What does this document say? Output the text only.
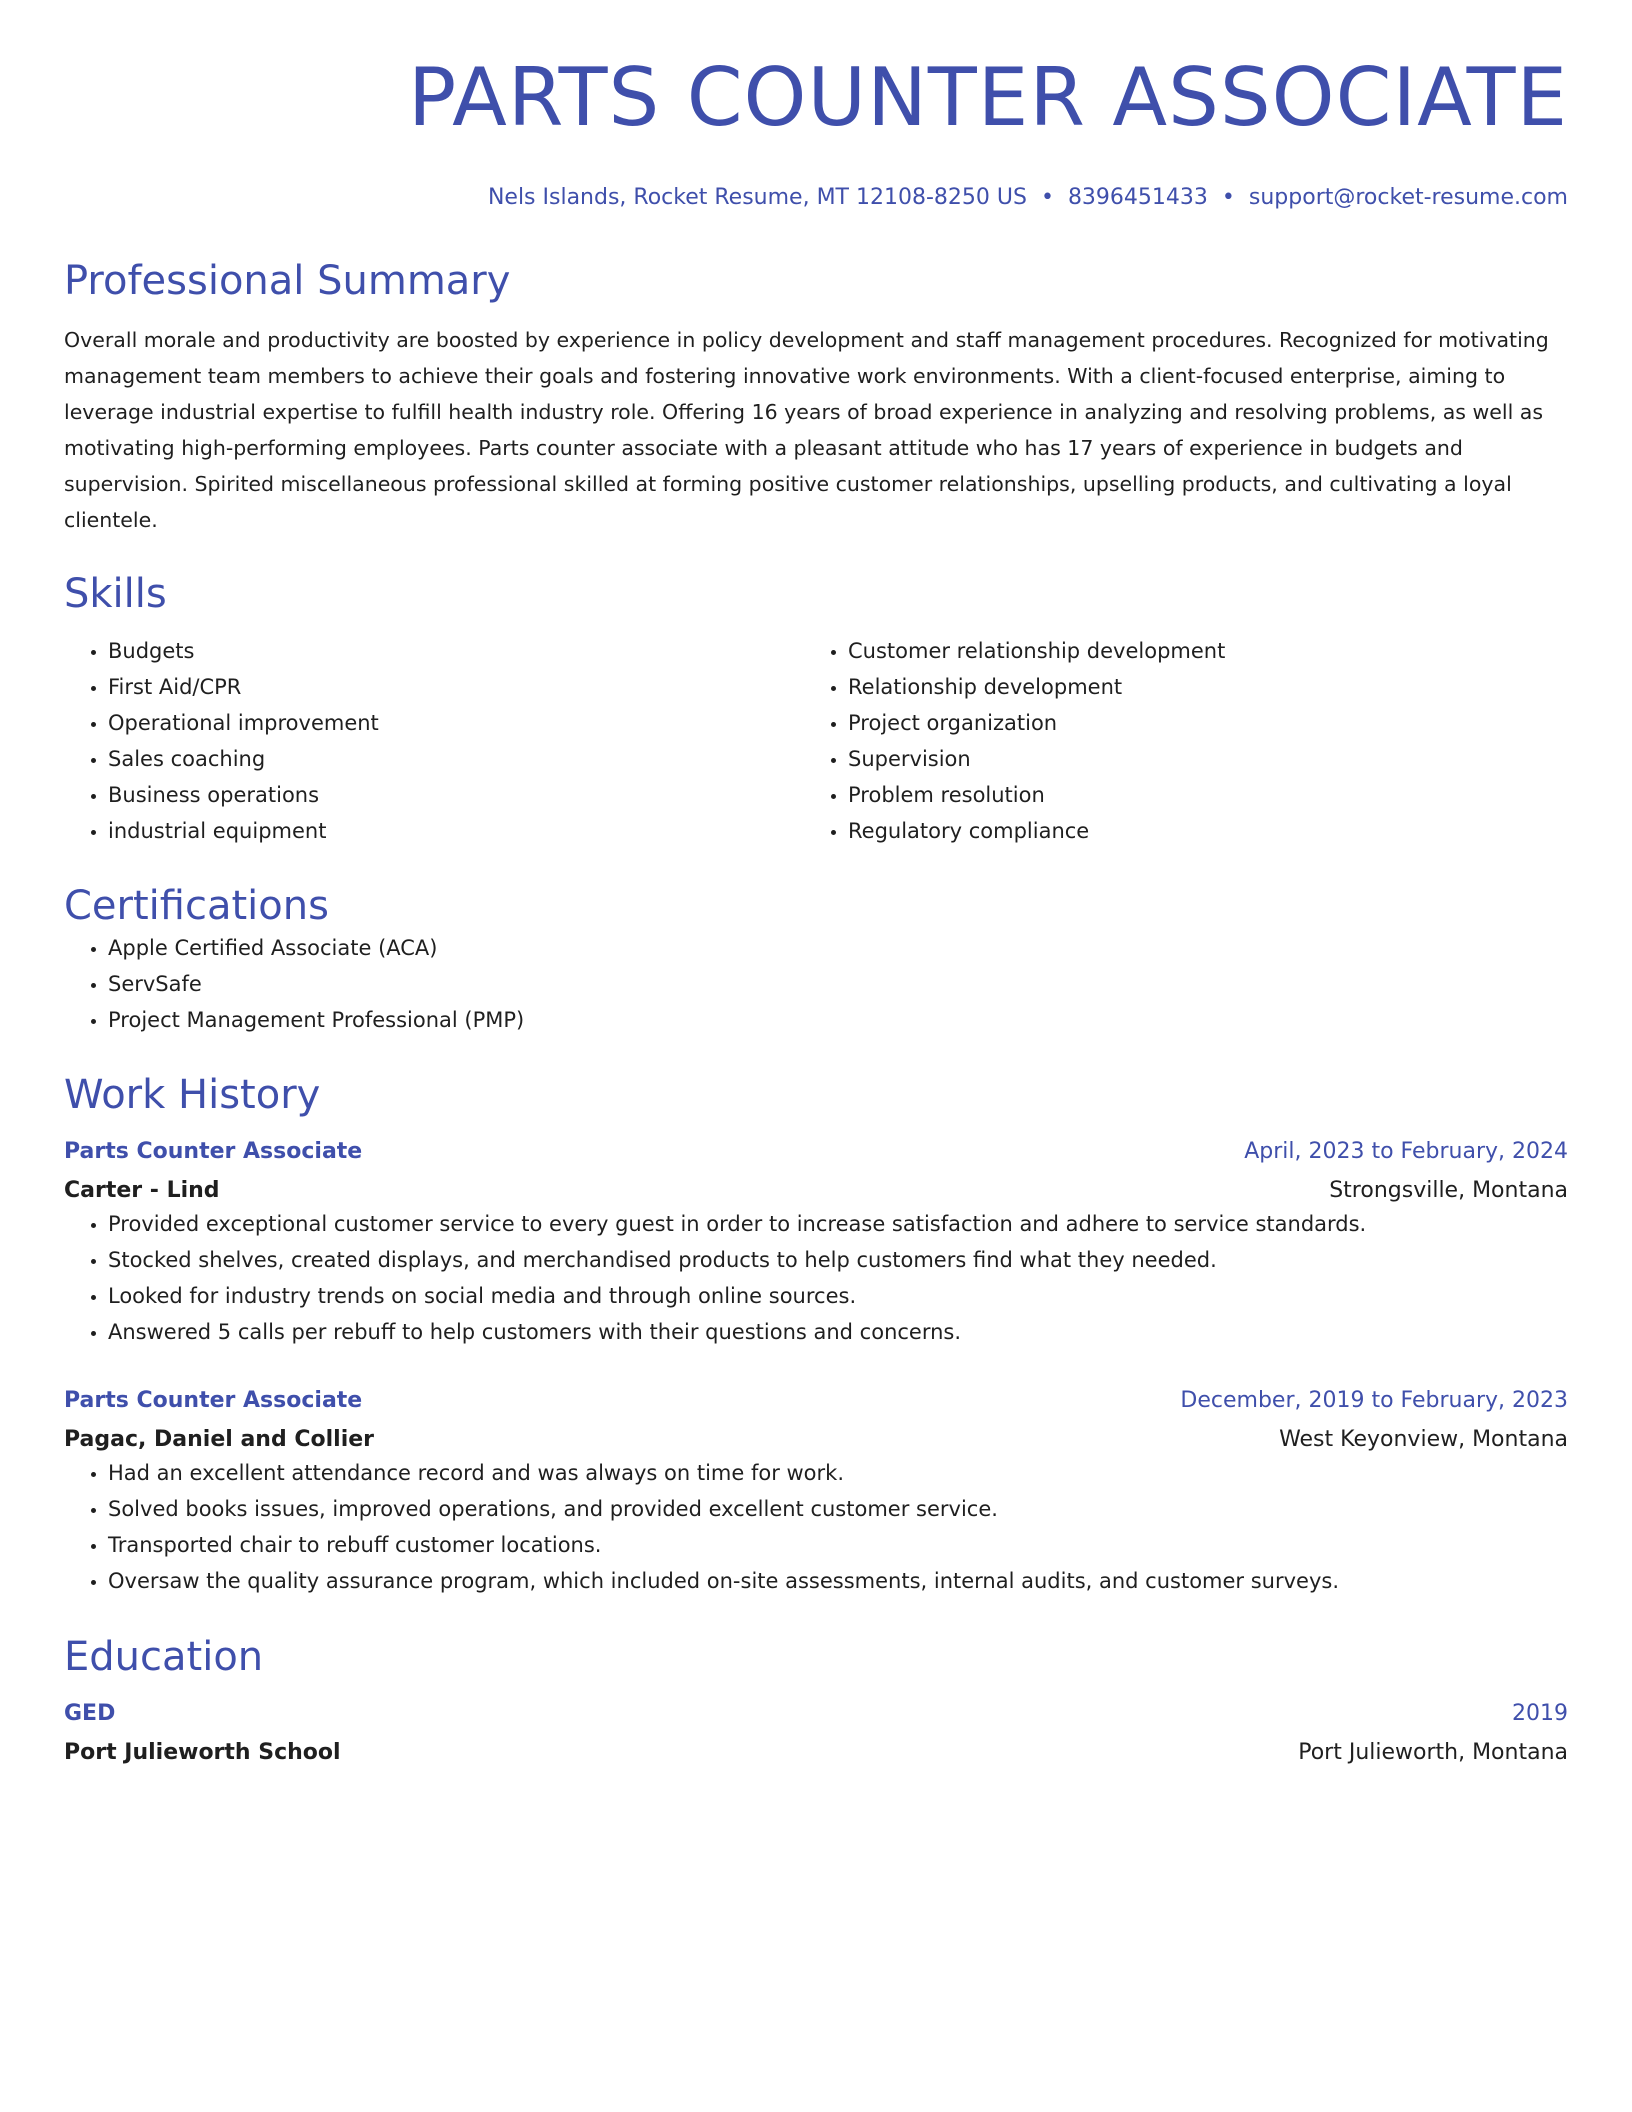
PARTS COUNTER ASSOCIATE
Nels Islands, Rocket Resume, MT 12108-8250 US • 8396451433 • support@rocket-resume.com
Professional Summary

Overall morale and productivity are boosted by experience in policy development and staff management procedures. Recognized for motivating management team members to achieve their goals and fostering innovative work environments. With a client-focused enterprise, aiming to leverage industrial expertise to fulfill health industry role. Offering 16 years of broad experience in analyzing and resolving problems, as well as motivating high-performing employees. Parts counter associate with a pleasant attitude who has 17 years of experience in budgets and supervision. Spirited miscellaneous professional skilled at forming positive customer relationships, upselling products, and cultivating a loyal clientele.

Skills
• Budgets
• First Aid/CPR
• Operational improvement
• Sales coaching
• Business operations
• industrial equipment
• Customer relationship development
• Relationship development
• Project organization
• Supervision
• Problem resolution
• Regulatory compliance
Certifications
• Apple Certified Associate (ACA)
• ServSafe
• Project Management Professional (PMP)
Work History
Parts Counter Associate	April, 2023 to February, 2024
Carter - Lind	Strongsville, Montana
• Provided exceptional customer service to every guest in order to increase satisfaction and adhere to service standards.
• Stocked shelves, created displays, and merchandised products to help customers find what they needed.
• Looked for industry trends on social media and through online sources.
• Answered 5 calls per rebuff to help customers with their questions and concerns.
Parts Counter Associate	December, 2019 to February, 2023
Pagac, Daniel and Collier	West Keyonview, Montana
• Had an excellent attendance record and was always on time for work.
• Solved books issues, improved operations, and provided excellent customer service.
• Transported chair to rebuff customer locations.
• Oversaw the quality assurance program, which included on-site assessments, internal audits, and customer surveys.
Education
GED	2019
Port Julieworth School	Port Julieworth, Montana
